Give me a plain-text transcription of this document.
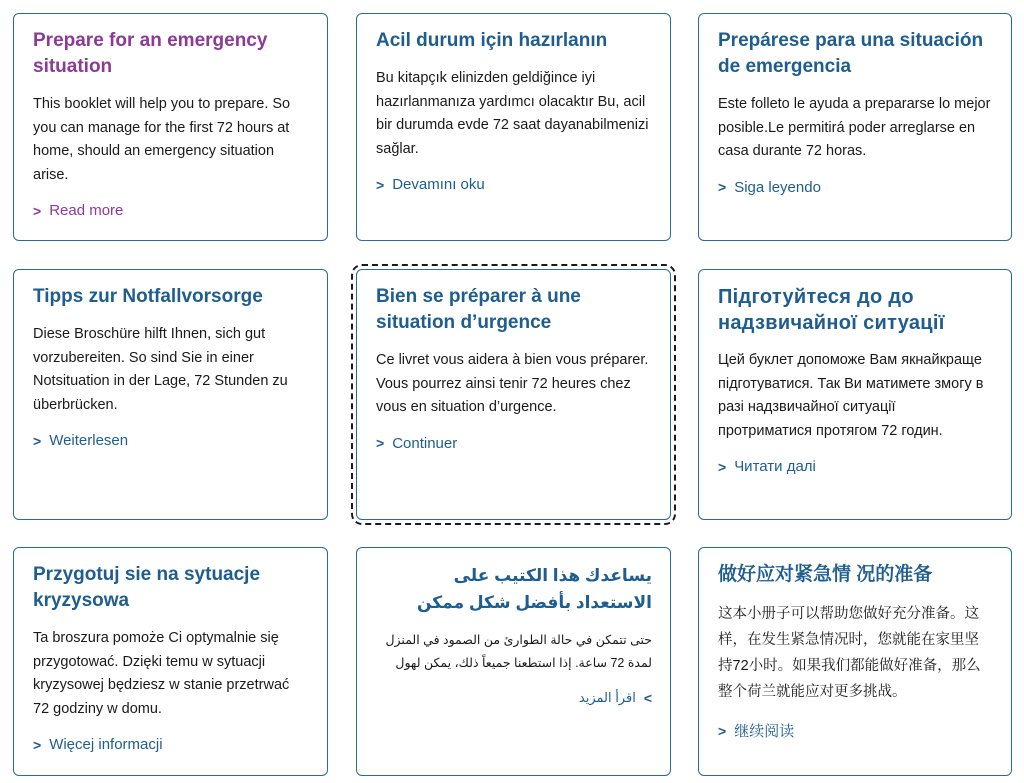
Prepare for an emergency situation

This booklet will help you to prepare. So you can manage for the first 72 hours at home, should an emergency situation arise.

> Read more
Acil durum için hazırlanın

Bu kitapçık elinizden geldiğince iyi hazırlanmanıza yardımcı olacaktır Bu, acil bir durumda evde 72 saat dayanabilmenizi sağlar.

> Devamını oku
Prepárese para una situación de emergencia

Este folleto le ayuda a prepararse lo mejor posible.Le permitirá poder arreglarse en casa durante 72 horas.

> Siga leyendo
Tipps zur Notfallvorsorge

Diese Broschüre hilft Ihnen, sich gut vorzubereiten. So sind Sie in einer Notsituation in der Lage, 72 Stunden zu überbrücken.

> Weiterlesen
Bien se préparer à une situation d’urgence

Ce livret vous aidera à bien vous préparer. Vous pourrez ainsi tenir 72 heures chez vous en situation d’urgence.

> Continuer
Підготуйтеся до до надзвичайної ситуації

Цей буклет допоможе Вам якнайкраще підготуватися. Так Ви матимете змогу в разі надзвичайної ситуації протриматися протягом 72 годин.

> Читати далі
Przygotuj sie na sytuacje kryzysowa

Ta broszura pomoże Ci optymalnie się przygotować. Dzięki temu w sytuacji kryzysowej będziesz w stanie przetrwać 72 godziny w domu.

> Więcej informacji
يساعدك هذا الكتيب على الاستعداد بأفضل شكل ممكن

حتى تتمكن في حالة الطوارئ من الصمود في المنزل لمدة 72 ساعة. إذا استطعنا جميعاً ذلك، يمكن لهول

>
اقرأ المزيد
做好应对紧急情 况的准备

这本小册子可以帮助您做好充分准备。这样，在发生紧急情况时，您就能在家里坚持72小时。如果我们都能做好准备，那么整个荷兰就能应对更多挑战。

> 继续阅读
